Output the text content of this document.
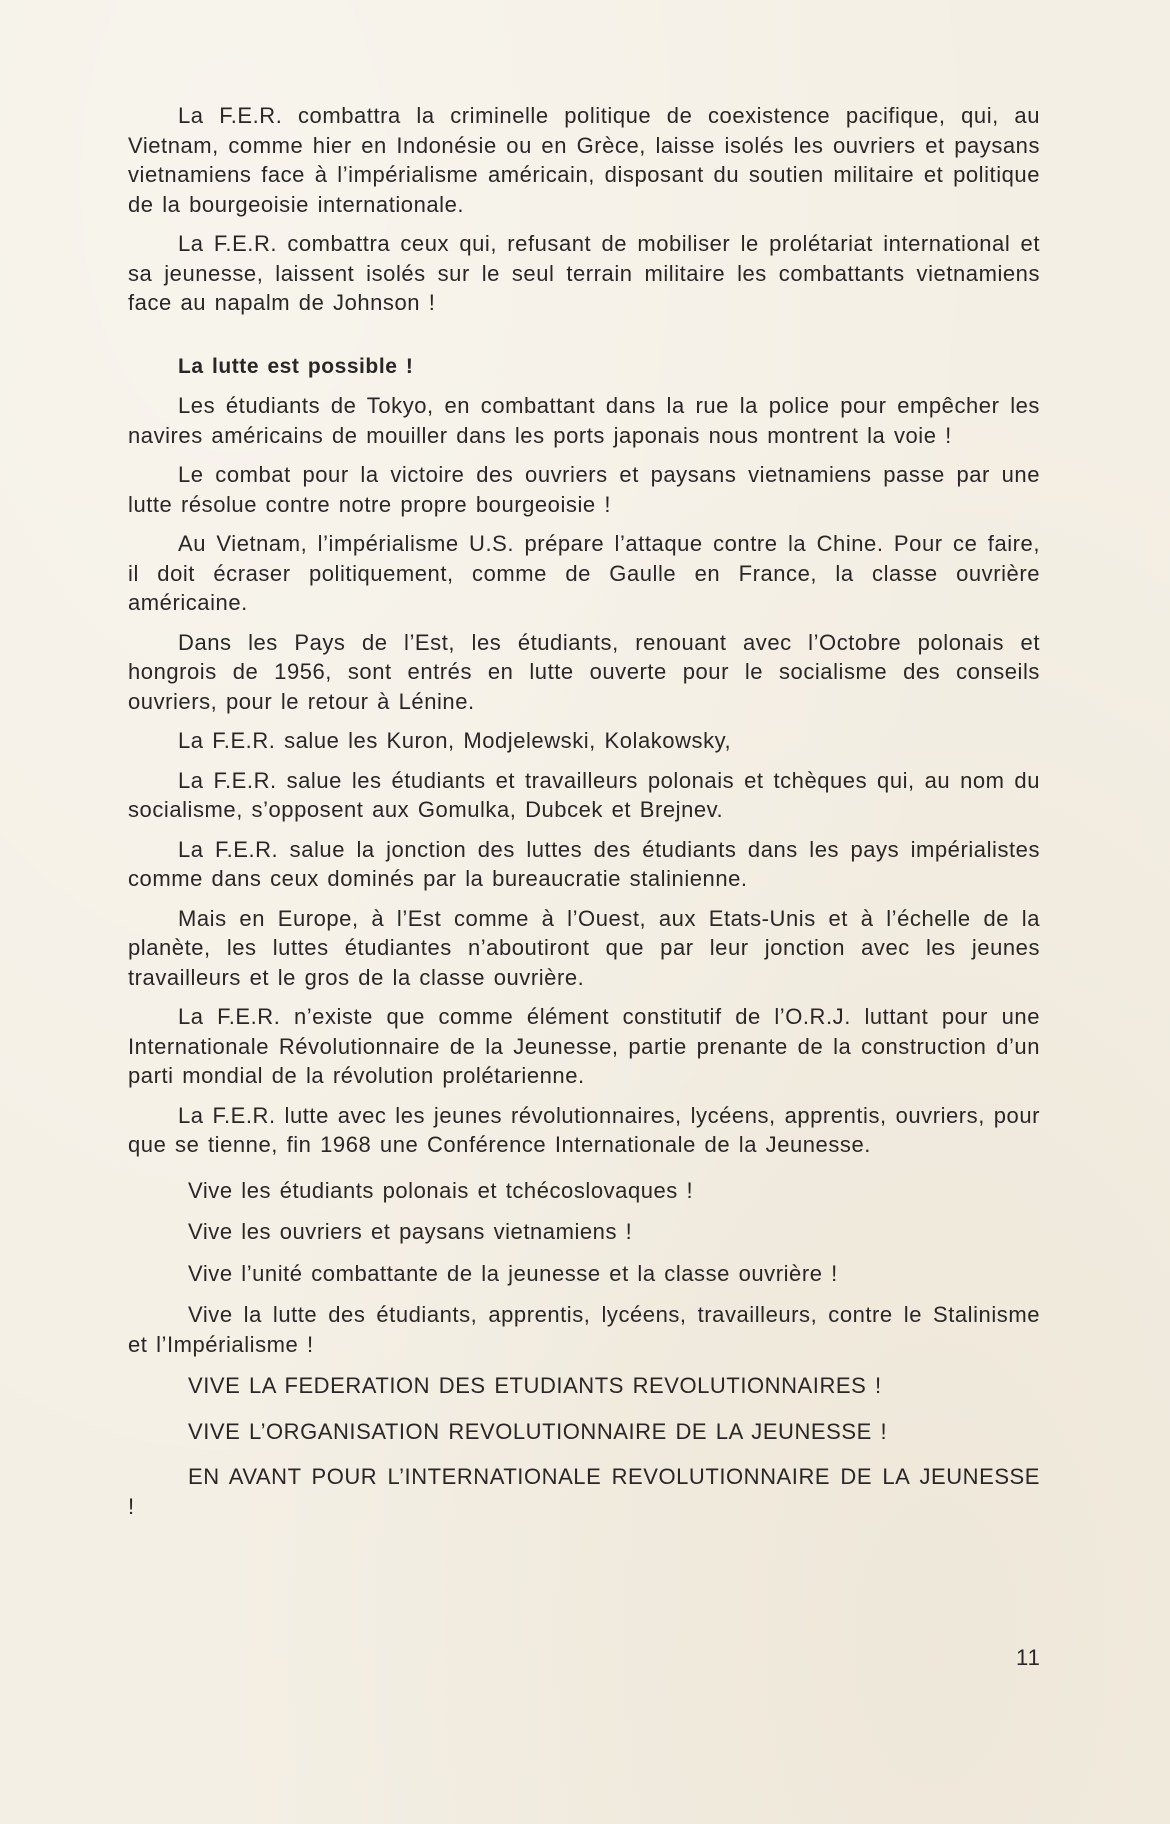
La F.E.R. combattra la criminelle politique de coexistence pacifique, qui, au Vietnam, comme hier en Indonésie ou en Grèce, laisse isolés les ouvriers et paysans vietnamiens face à l’impérialisme américain, disposant du soutien militaire et politique de la bourgeoisie internationale.

La F.E.R. combattra ceux qui, refusant de mobiliser le prolétariat international et sa jeunesse, laissent isolés sur le seul terrain militaire les combattants vietnamiens face au napalm de Johnson !

La lutte est possible !

Les étudiants de Tokyo, en combattant dans la rue la police pour empêcher les navires américains de mouiller dans les ports japonais nous montrent la voie !

Le combat pour la victoire des ouvriers et paysans vietnamiens passe par une lutte résolue contre notre propre bourgeoisie !

Au Vietnam, l’impérialisme U.S. prépare l’attaque contre la Chine. Pour ce faire, il doit écraser politiquement, comme de Gaulle en France, la classe ouvrière américaine.

Dans les Pays de l’Est, les étudiants, renouant avec l’Octobre polonais et hongrois de 1956, sont entrés en lutte ouverte pour le socialisme des conseils ouvriers, pour le retour à Lénine.

La F.E.R. salue les Kuron, Modjelewski, Kolakowsky,

La F.E.R. salue les étudiants et travailleurs polonais et tchèques qui, au nom du socialisme, s’opposent aux Gomulka, Dubcek et Brejnev.

La F.E.R. salue la jonction des luttes des étudiants dans les pays impérialistes comme dans ceux dominés par la bureaucratie stalinienne.

Mais en Europe, à l’Est comme à l’Ouest, aux Etats-Unis et à l’échelle de la planète, les luttes étudiantes n’aboutiront que par leur jonction avec les jeunes travailleurs et le gros de la classe ouvrière.

La F.E.R. n’existe que comme élément constitutif de l’O.R.J. luttant pour une Internationale Révolutionnaire de la Jeunesse, partie prenante de la construction d’un parti mondial de la révolution prolétarienne.

La F.E.R. lutte avec les jeunes révolutionnaires, lycéens, apprentis, ouvriers, pour que se tienne, fin 1968 une Conférence Internationale de la Jeunesse.

Vive les étudiants polonais et tchécoslovaques !

Vive les ouvriers et paysans vietnamiens !

Vive l’unité combattante de la jeunesse et la classe ouvrière !

Vive la lutte des étudiants, apprentis, lycéens, travailleurs, contre le Stalinisme et l’Impérialisme !

VIVE LA FEDERATION DES ETUDIANTS REVOLUTIONNAIRES !

VIVE L’ORGANISATION REVOLUTIONNAIRE DE LA JEUNESSE !

EN AVANT POUR L’INTERNATIONALE REVOLUTIONNAIRE DE LA JEUNESSE !

11
